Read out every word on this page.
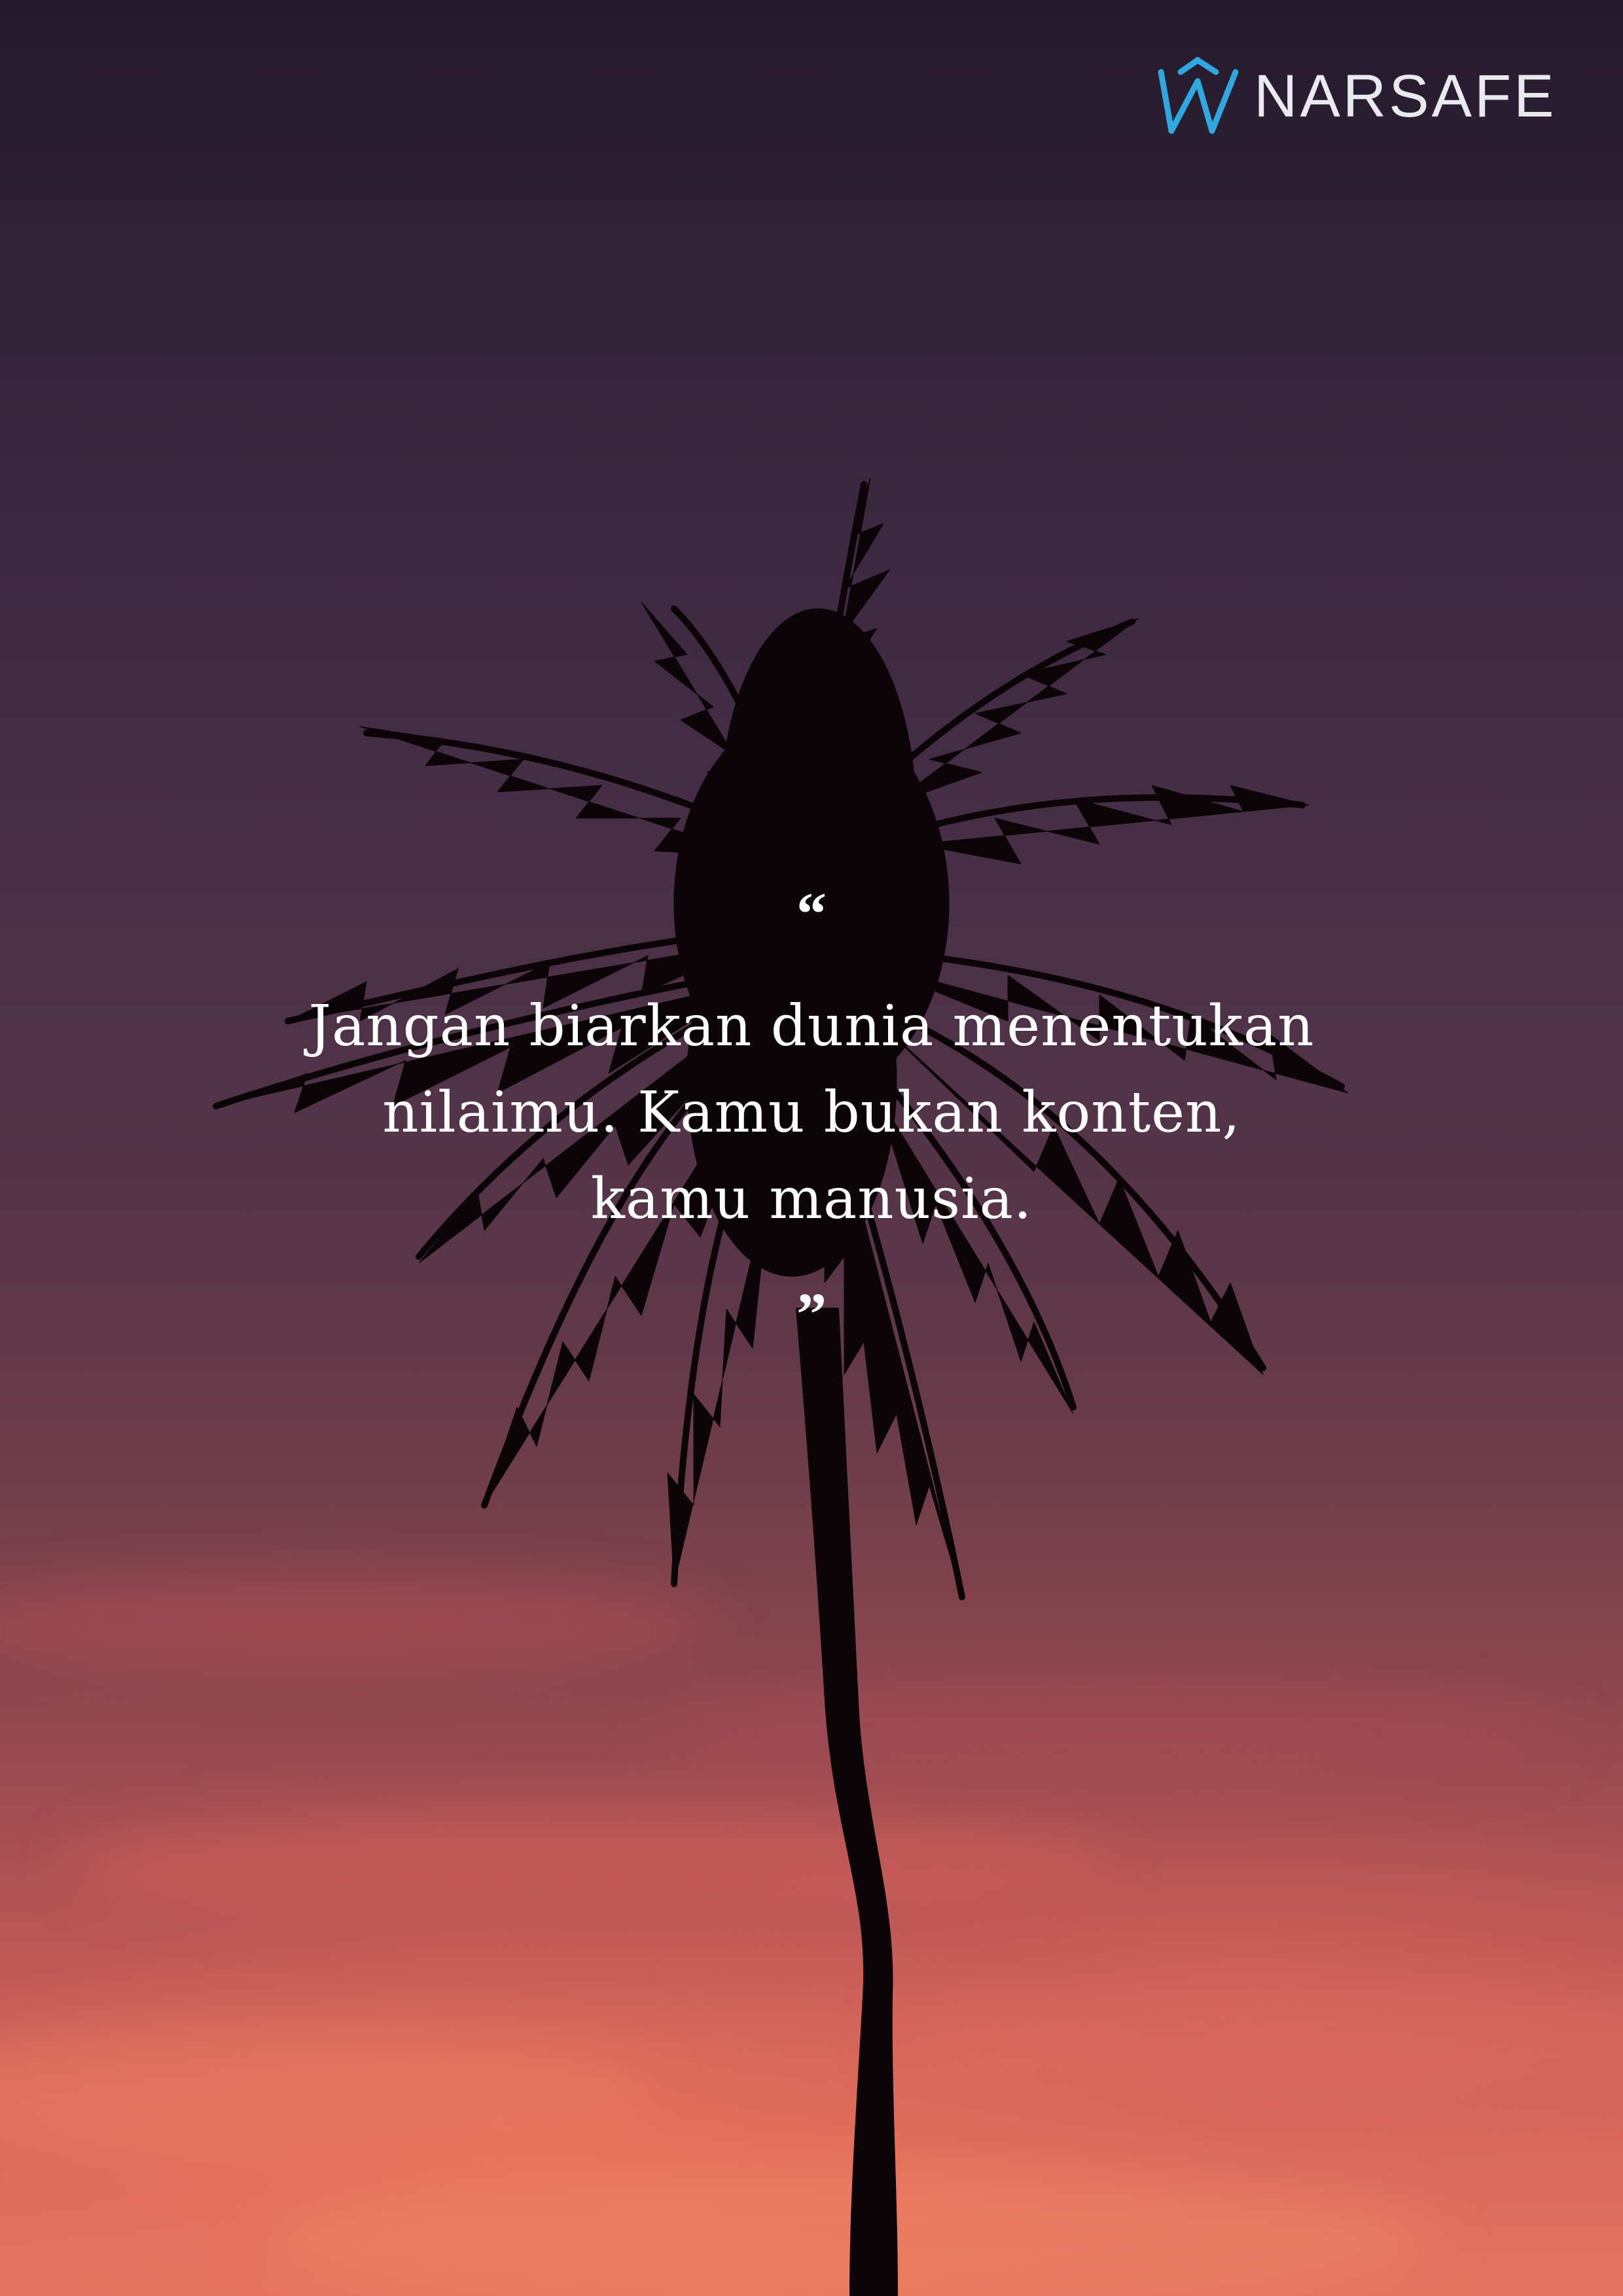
NARSAFE
“
Jangan biarkan dunia menentukan
nilaimu. Kamu bukan konten,
kamu manusia.
”
